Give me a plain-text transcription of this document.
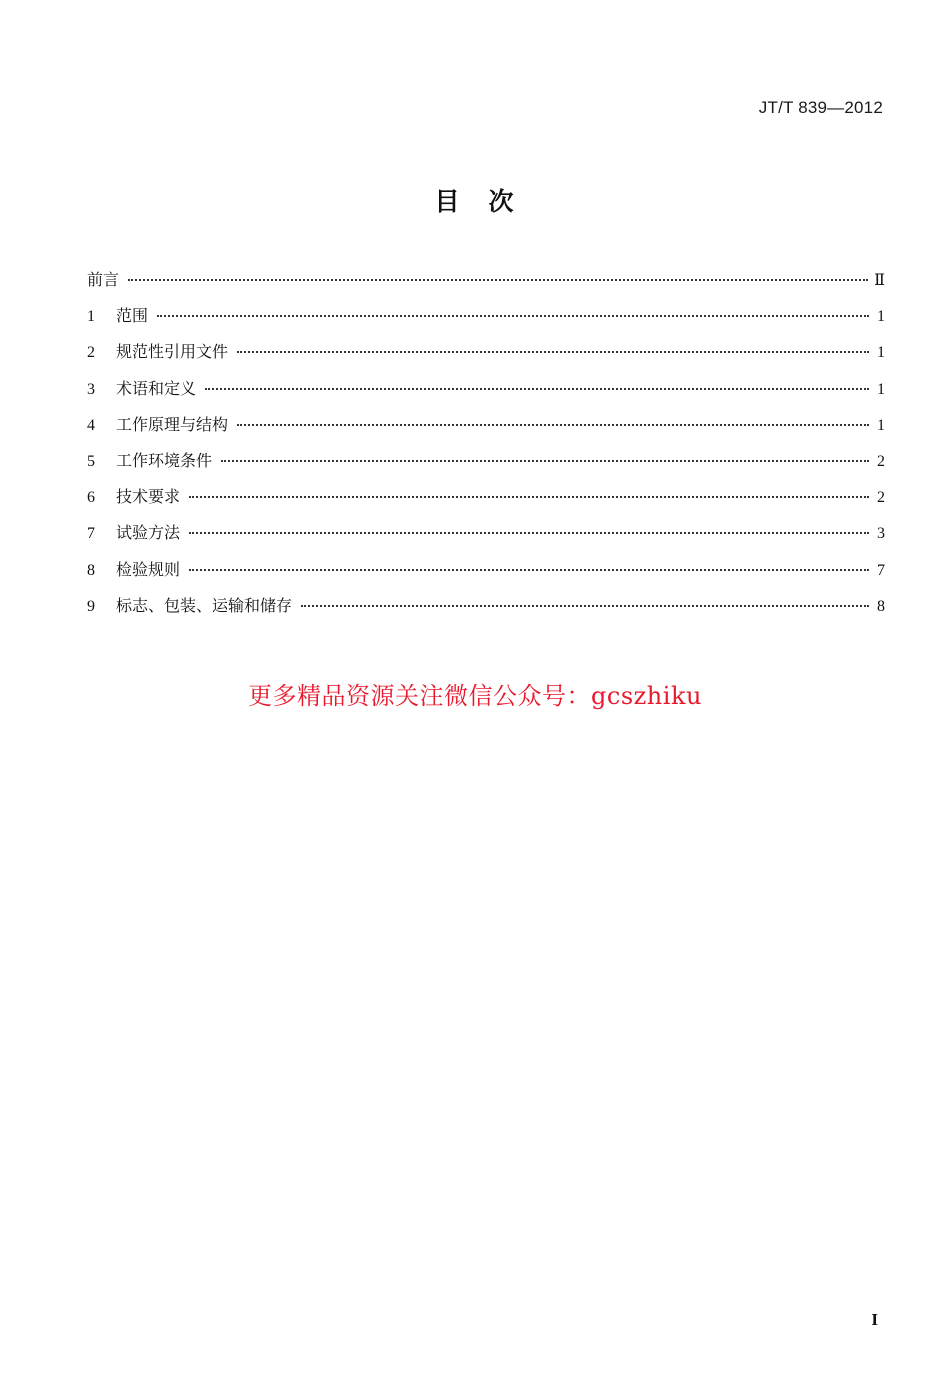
JT/T 839—2012
目　次
前言	Ⅱ
1	范围	1
2	规范性引用文件	1
3	术语和定义	1
4	工作原理与结构	1
5	工作环境条件	2
6	技术要求	2
7	试验方法	3
8	检验规则	7
9	标志、包装、运输和储存	8
更多精品资源关注微信公众号：gcszhiku
I
